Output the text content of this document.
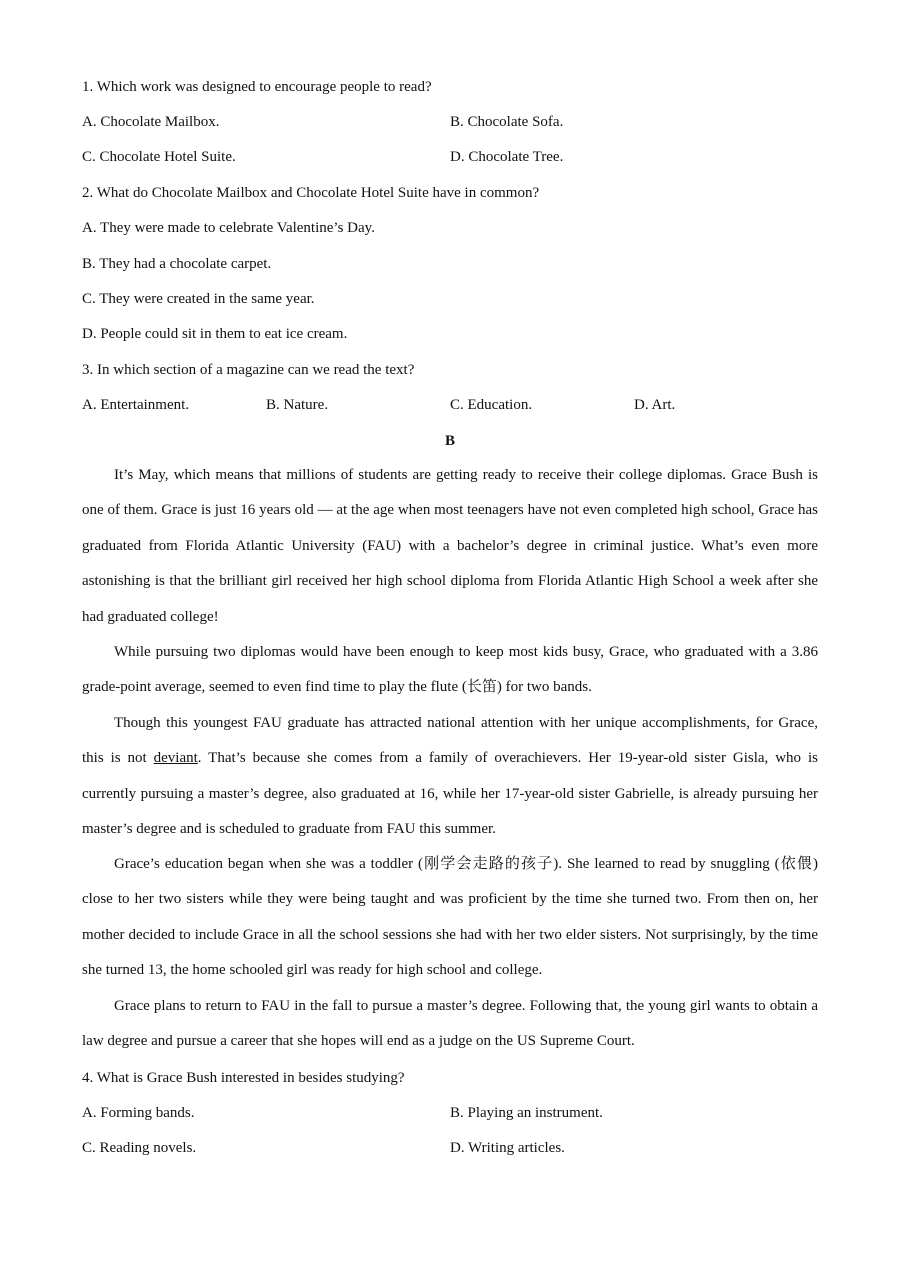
1. Which work was designed to encourage people to read?
A. Chocolate Mailbox.	B. Chocolate Sofa.
C. Chocolate Hotel Suite.	D. Chocolate Tree.
2. What do Chocolate Mailbox and Chocolate Hotel Suite have in common?
A. They were made to celebrate Valentine’s Day.
B. They had a chocolate carpet.
C. They were created in the same year.
D. People could sit in them to eat ice cream.
3. In which section of a magazine can we read the text?
A. Entertainment.	B. Nature.	C. Education.	D. Art.
B
It’s May, which means that millions of students are getting ready to receive their college diplomas. Grace Bush is one of them. Grace is just 16 years old — at the age when most teenagers have not even completed high school, Grace has graduated from Florida Atlantic University (FAU) with a bachelor’s degree in criminal justice. What’s even more astonishing is that the brilliant girl received her high school diploma from Florida Atlantic High School a week after she had graduated college!
While pursuing two diplomas would have been enough to keep most kids busy, Grace, who graduated with a 3.86 grade-point average, seemed to even find time to play the flute (长笛) for two bands.
Though this youngest FAU graduate has attracted national attention with her unique accomplishments, for Grace, this is not deviant. That’s because she comes from a family of overachievers. Her 19-year-old sister Gisla, who is currently pursuing a master’s degree, also graduated at 16, while her 17-year-old sister Gabrielle, is already pursuing her master’s degree and is scheduled to graduate from FAU this summer.
Grace’s education began when she was a toddler (刚学会走路的孩子). She learned to read by snuggling (依偎) close to her two sisters while they were being taught and was proficient by the time she turned two. From then on, her mother decided to include Grace in all the school sessions she had with her two elder sisters. Not surprisingly, by the time she turned 13, the home schooled girl was ready for high school and college.
Grace plans to return to FAU in the fall to pursue a master’s degree. Following that, the young girl wants to obtain a law degree and pursue a career that she hopes will end as a judge on the US Supreme Court.
4. What is Grace Bush interested in besides studying?
A. Forming bands.	B. Playing an instrument.
C. Reading novels.	D. Writing articles.
